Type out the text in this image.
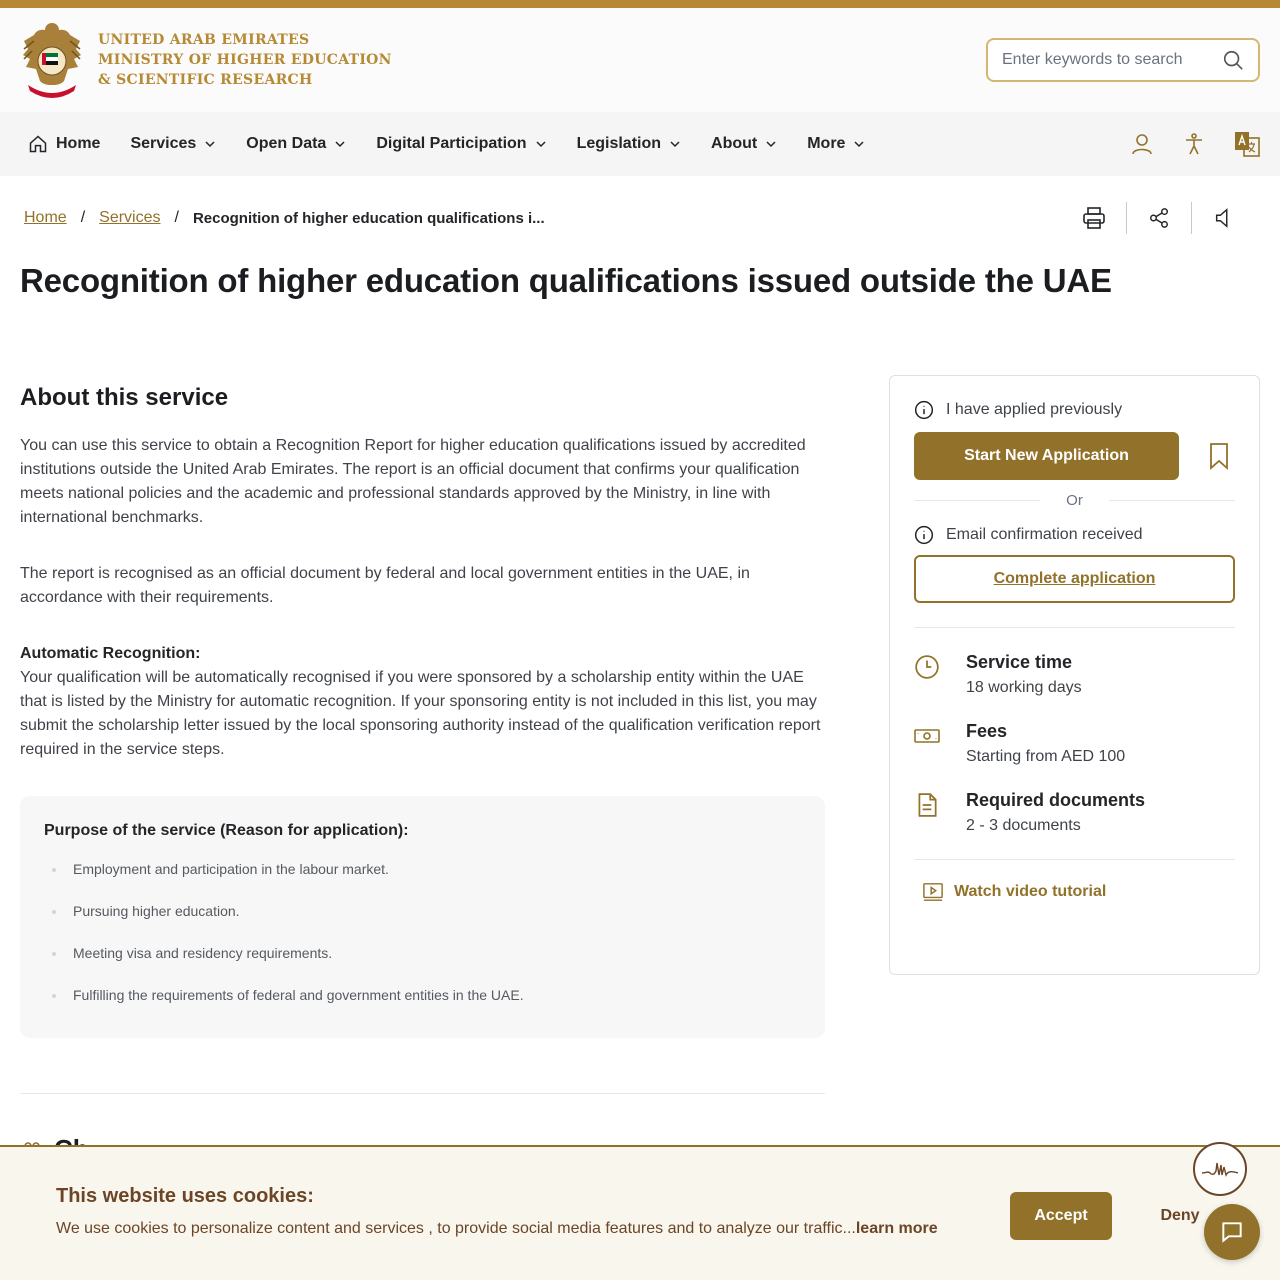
UNITED ARAB EMIRATES
MINISTRY OF HIGHER EDUCATION
& SCIENTIFIC RESEARCH
Enter keywords to search
Home Services	Open Data	Digital Participation	Legislation	About	More
Home / Services / Recognition of higher education qualifications i...
Recognition of higher education qualifications issued outside the UAE
About this service

You can use this service to obtain a Recognition Report for higher education qualifications issued by accredited institutions outside the United Arab Emirates. The report is an official document that confirms your qualification meets national policies and the academic and professional standards approved by the Ministry, in line with international benchmarks.

The report is recognised as an official document by federal and local government entities in the UAE, in accordance with their requirements.

Automatic Recognition:
Your qualification will be automatically recognised if you were sponsored by a scholarship entity within the UAE that is listed by the Ministry for automatic recognition. If your sponsoring entity is not included in this list, you may submit the scholarship letter issued by the local sponsoring authority instead of the qualification verification report required in the service steps.

Purpose of the service (Reason for application):
Employment and participation in the labour market.
Pursuing higher education.
Meeting visa and residency requirements.
Fulfilling the requirements of federal and government entities in the UAE.
I have applied previously
Start New Application
Or
Email confirmation received
Complete application
Service time
18 working days
Fees
Starting from AED 100
Required documents
2 - 3 documents
Watch video tutorial
This website uses cookies:

We use cookies to personalize content and services , to provide social media features and to analyze our traffic...learn more

Accept	Deny
